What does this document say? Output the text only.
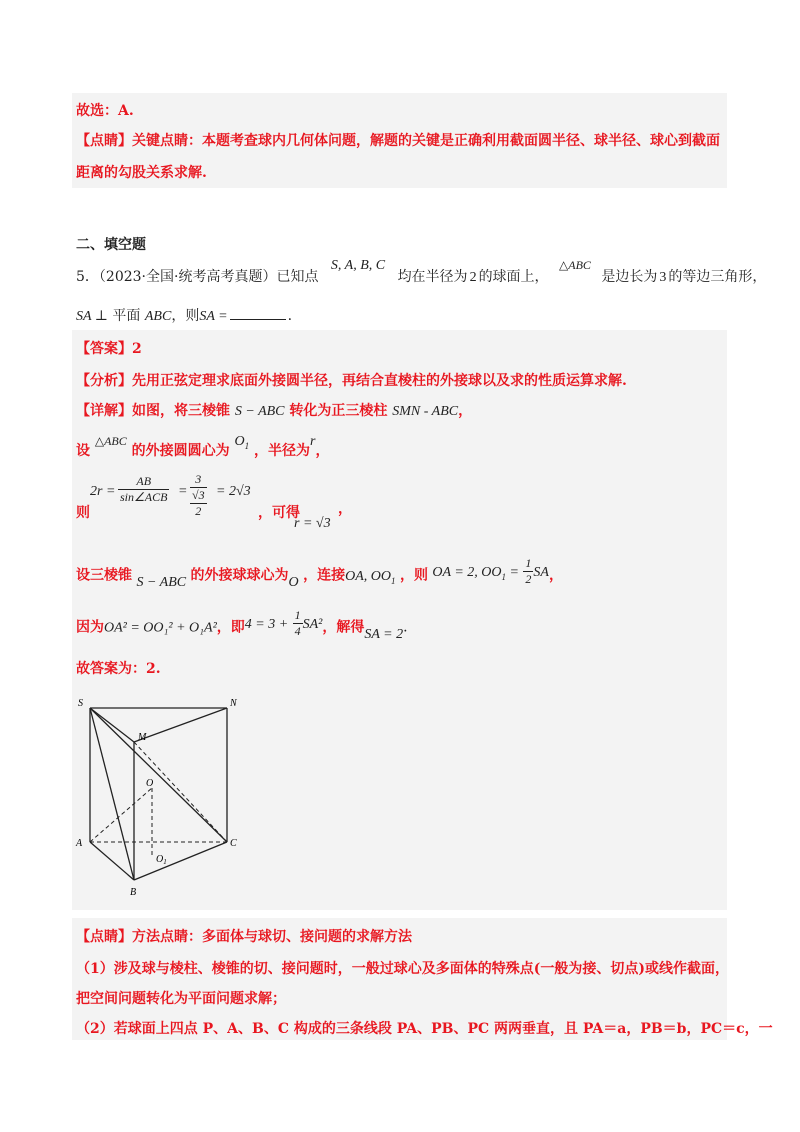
故选：A.
【点睛】关键点睛：本题考查球内几何体问题，解题的关键是正确利用截面圆半径、球半径、球心到截面
距离的勾股关系求解.
二、填空题
5．（2023·全国·统考高考真题）已知点 S, A, B, C 均在半径为 2 的球面上， △ABC 是边长为 3 的等边三角形，
SA ⊥ 平面 ABC，则SA =	.
【答案】2
【分析】先用正弦定理求底面外接圆半径，再结合直棱柱的外接球以及求的性质运算求解.
【详解】如图，将三棱锥 S − ABC 转化为正三棱柱 SMN - ABC，
设 △ABC 的外接圆圆心为 $O_1$ ，半径为r，
则
2r =
AB
sin∠ACB =
3
√3
2
= 2√3
，可得
r = √3
，
设三棱锥 S − ABC 的外接球球心为O ，连接OA, $OO_1$ ，则 OA = 2, $OO_1 = \frac{1}{2}$ SA，
因为OA² = OO₁² + O₁A²，即$4 = 3 + \frac{1}{4} SA^2$，解得SA = 2.
故答案为：2.
S	N
M
O
A	C
$O_1$
B
【点睛】方法点睛：多面体与球切、接问题的求解方法
（1）涉及球与棱柱、棱锥的切、接问题时，一般过球心及多面体的特殊点(一般为接、切点)或线作截面，
把空间问题转化为平面问题求解；
（2）若球面上四点 P、A、B、C 构成的三条线段 PA、PB、PC 两两垂直，且 PA＝a，PB＝b，PC＝c，一
